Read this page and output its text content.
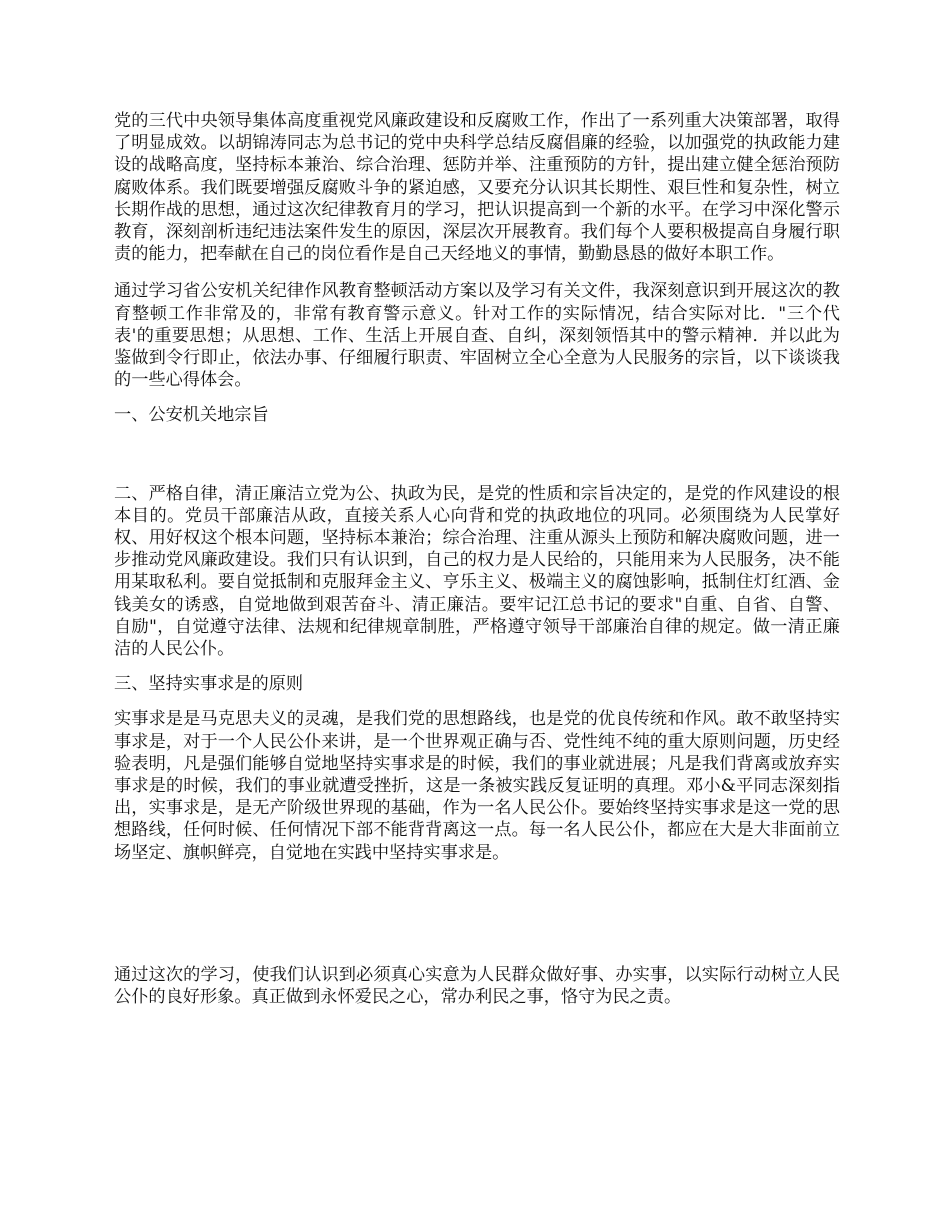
党的三代中央领导集体高度重视党风廉政建设和反腐败工作，作出了一系列重大决策部署，取得了明显成效。以胡锦涛同志为总书记的党中央科学总结反腐倡廉的经验，以加强党的执政能力建设的战略高度，坚持标本兼治、综合治理、惩防并举、注重预防的方针，提出建立健全惩治预防腐败体系。我们既要增强反腐败斗争的紧迫感，又要充分认识其长期性、艰巨性和复杂性，树立长期作战的思想，通过这次纪律教育月的学习，把认识提高到一个新的水平。在学习中深化警示教育，深刻剖析违纪违法案件发生的原因，深层次开展教育。我们每个人要积极提高自身履行职责的能力，把奉献在自己的岗位看作是自己天经地义的事情，勤勤恳恳的做好本职工作。

通过学习省公安机关纪律作风教育整顿活动方案以及学习有关文件，我深刻意识到开展这次的教育整顿工作非常及的，非常有教育警示意义。针对工作的实际情况，结合实际对比．"三个代表'的重要思想；从思想、工作、生活上开展自查、自纠，深刻领悟其中的警示精神．并以此为鉴做到令行即止，依法办事、仔细履行职责、牢固树立全心全意为人民服务的宗旨，以下谈谈我的一些心得体会。

一、公安机关地宗旨

二、严格自律，清正廉洁立党为公、执政为民，是党的性质和宗旨决定的，是党的作风建设的根本目的。党员干部廉洁从政，直接关系人心向背和党的执政地位的巩同。必须围绕为人民掌好权、用好权这个根本问题，坚持标本兼治；综合治理、注重从源头上预防和解决腐败问题，进一步推动党风廉政建设。我们只有认识到，自己的权力是人民给的，只能用来为人民服务，决不能用某取私利。要自觉抵制和克服拜金主义、亨乐主义、极端主义的腐蚀影响，抵制住灯红酒、金钱美女的诱惑，自觉地做到艰苦奋斗、清正廉洁。要牢记江总书记的要求"自重、自省、自警、自励"，自觉遵守法律、法规和纪律规章制胜，严格遵守领导干部廉治自律的规定。做一清正廉洁的人民公仆。

三、坚持实事求是的原则

实事求是是马克思夫义的灵魂，是我们党的思想路线，也是党的优良传统和作风。敢不敢坚持实事求是，对于一个人民公仆来讲，是一个世界观正确与否、党性纯不纯的重大原则问题，历史经验表明，凡是强们能够自觉地坚持实事求是的时候，我们的事业就进展；凡是我们背离或放弃实事求是的时候，我们的事业就遭受挫折，这是一条被实践反复证明的真理。邓小&平同志深刻指出，实事求是，是无产阶级世界现的基础，作为一名人民公仆。要始终坚持实事求是这一党的思想路线，任何时候、任何情况下部不能背背离这一点。每一名人民公仆，都应在大是大非面前立场坚定、旗帜鲜亮，自觉地在实践中坚持实事求是。

通过这次的学习，使我们认识到必须真心实意为人民群众做好事、办实事，以实际行动树立人民公仆的良好形象。真正做到永怀爱民之心，常办利民之事，恪守为民之责。
